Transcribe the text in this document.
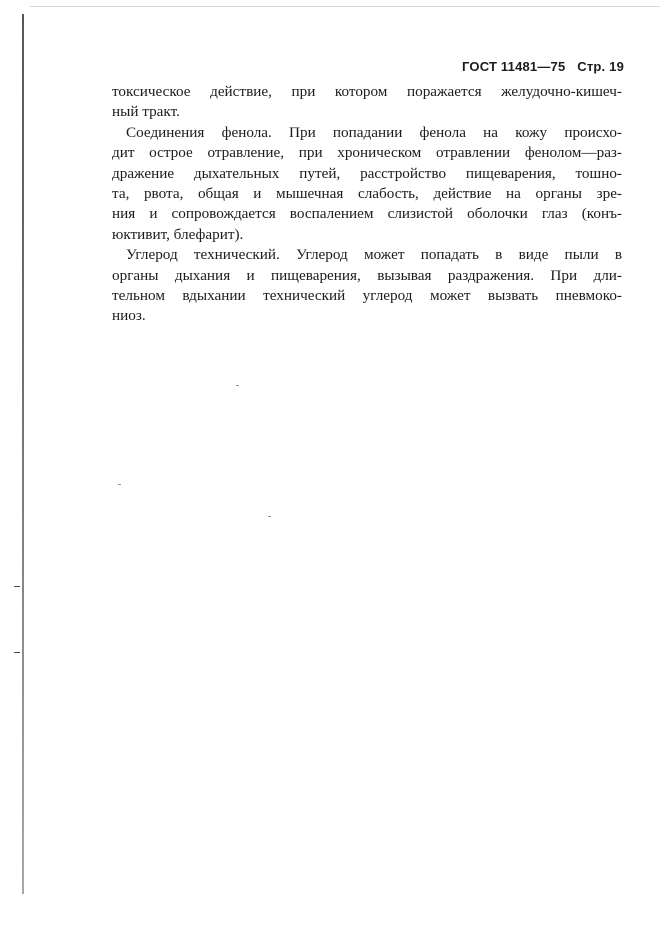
ГОСТ 11481—75 Стр. 19
токсическое действие, при котором поражается желудочно-кишеч-
ный тракт.
Соединения фенола. При попадании фенола на кожу происхо-
дит острое отравление, при хроническом отравлении фенолом—раз-
дражение дыхательных путей, расстройство пищеварения, тошно-
та, рвота, общая и мышечная слабость, действие на органы зре-
ния и сопровождается воспалением слизистой оболочки глаз (конъ-
юктивит, блефарит).
Углерод технический. Углерод может попадать в виде пыли в
органы дыхания и пищеварения, вызывая раздражения. При дли-
тельном вдыхании технический углерод может вызвать пневмоко-
ниоз.
